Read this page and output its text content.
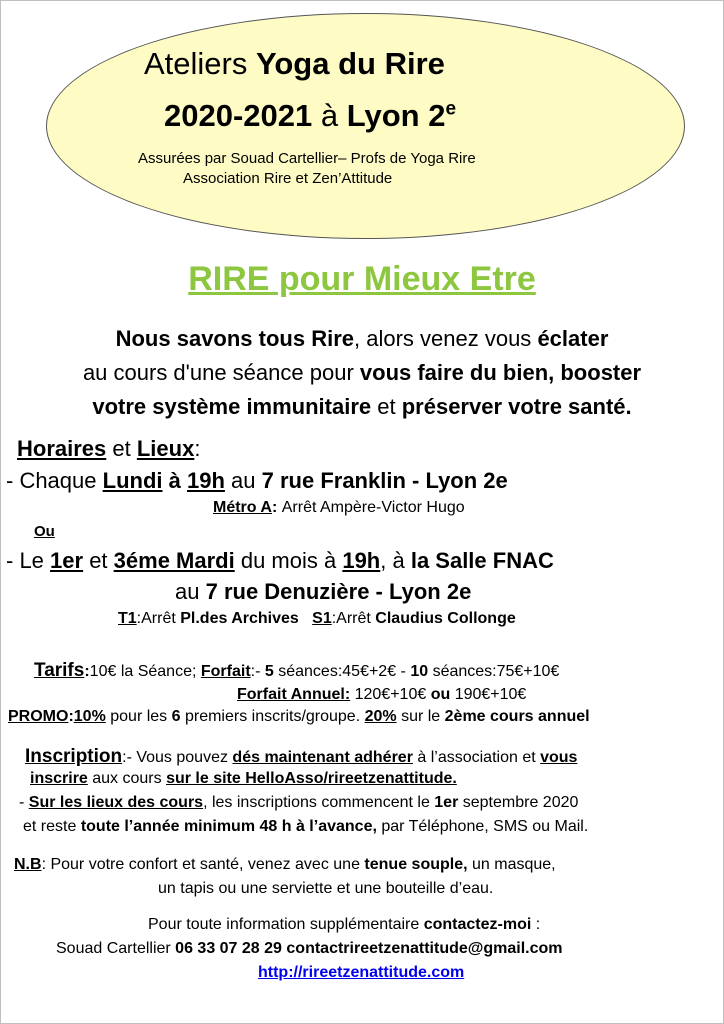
Ateliers Yoga du Rire
2020-2021 à Lyon 2e
Assurées par Souad Cartellier– Profs de Yoga Rire
Association Rire et Zen’Attitude
RIRE pour Mieux Etre
Nous savons tous Rire, alors venez vous éclater
au cours d'une séance pour vous faire du bien, booster
votre système immunitaire et préserver votre santé.
Horaires et Lieux:
- Chaque Lundi à 19h au 7 rue Franklin - Lyon 2e
Métro A: Arrêt Ampère-Victor Hugo
Ou
- Le 1er et 3éme Mardi du mois à 19h, à la Salle FNAC
au 7 rue Denuzière - Lyon 2e
T1:Arrêt Pl.des Archives S1:Arrêt Claudius Collonge
Tarifs:10€ la Séance; Forfait:- 5 séances:45€+2€ - 10 séances:75€+10€
Forfait Annuel: 120€+10€ ou 190€+10€
PROMO:10% pour les 6 premiers inscrits/groupe. 20% sur le 2ème cours annuel
Inscription:- Vous pouvez dés maintenant adhérer à l’association et vous
inscrire aux cours sur le site HelloAsso/rireetzenattitude.
- Sur les lieux des cours, les inscriptions commencent le 1er septembre 2020
et reste toute l’année minimum 48 h à l’avance, par Téléphone, SMS ou Mail.
N.B: Pour votre confort et santé, venez avec une tenue souple, un masque,
un tapis ou une serviette et une bouteille d’eau.
Pour toute information supplémentaire contactez-moi :
Souad Cartellier 06 33 07 28 29 contactrireetzenattitude@gmail.com
http://rireetzenattitude.com
